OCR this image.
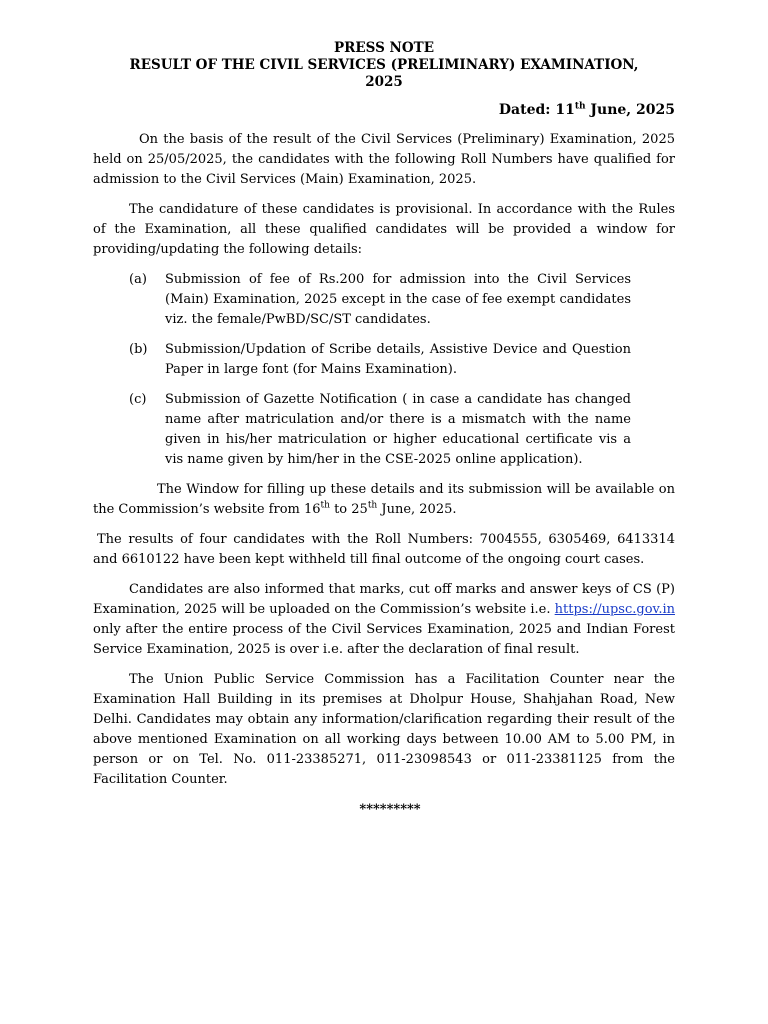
PRESS NOTE
RESULT OF THE CIVIL SERVICES (PRELIMINARY) EXAMINATION,
2025
Dated: 11th June, 2025

On the basis of the result of the Civil Services (Preliminary) Examination, 2025 held on 25/05/2025, the candidates with the following Roll Numbers have qualified for admission to the Civil Services (Main) Examination, 2025.

The candidature of these candidates is provisional. In accordance with the Rules of the Examination, all these qualified candidates will be provided a window for providing/updating the following details:

(a)	Submission of fee of Rs.200 for admission into the Civil Services (Main) Examination, 2025 except in the case of fee exempt candidates viz. the female/PwBD/SC/ST candidates.
(b)	Submission/Updation of Scribe details, Assistive Device and Question Paper in large font (for Mains Examination).
(c)	Submission of Gazette Notification ( in case a candidate has changed name after matriculation and/or there is a mismatch with the name given in his/her matriculation or higher educational certificate vis a vis name given by him/her in the CSE-2025 online application).

The Window for filling up these details and its submission will be available on the Commission’s website from 16th to 25th June, 2025.

The results of four candidates with the Roll Numbers: 7004555, 6305469, 6413314 and 6610122 have been kept withheld till final outcome of the ongoing court cases.

Candidates are also informed that marks, cut off marks and answer keys of CS (P) Examination, 2025 will be uploaded on the Commission’s website i.e. https://upsc.gov.in only after the entire process of the Civil Services Examination, 2025 and Indian Forest Service Examination, 2025 is over i.e. after the declaration of final result.

The Union Public Service Commission has a Facilitation Counter near the Examination Hall Building in its premises at Dholpur House, Shahjahan Road, New Delhi. Candidates may obtain any information/clarification regarding their result of the above mentioned Examination on all working days between 10.00 AM to 5.00 PM, in person or on Tel. No. 011-23385271, 011-23098543 or 011-23381125 from the Facilitation Counter.

*********
